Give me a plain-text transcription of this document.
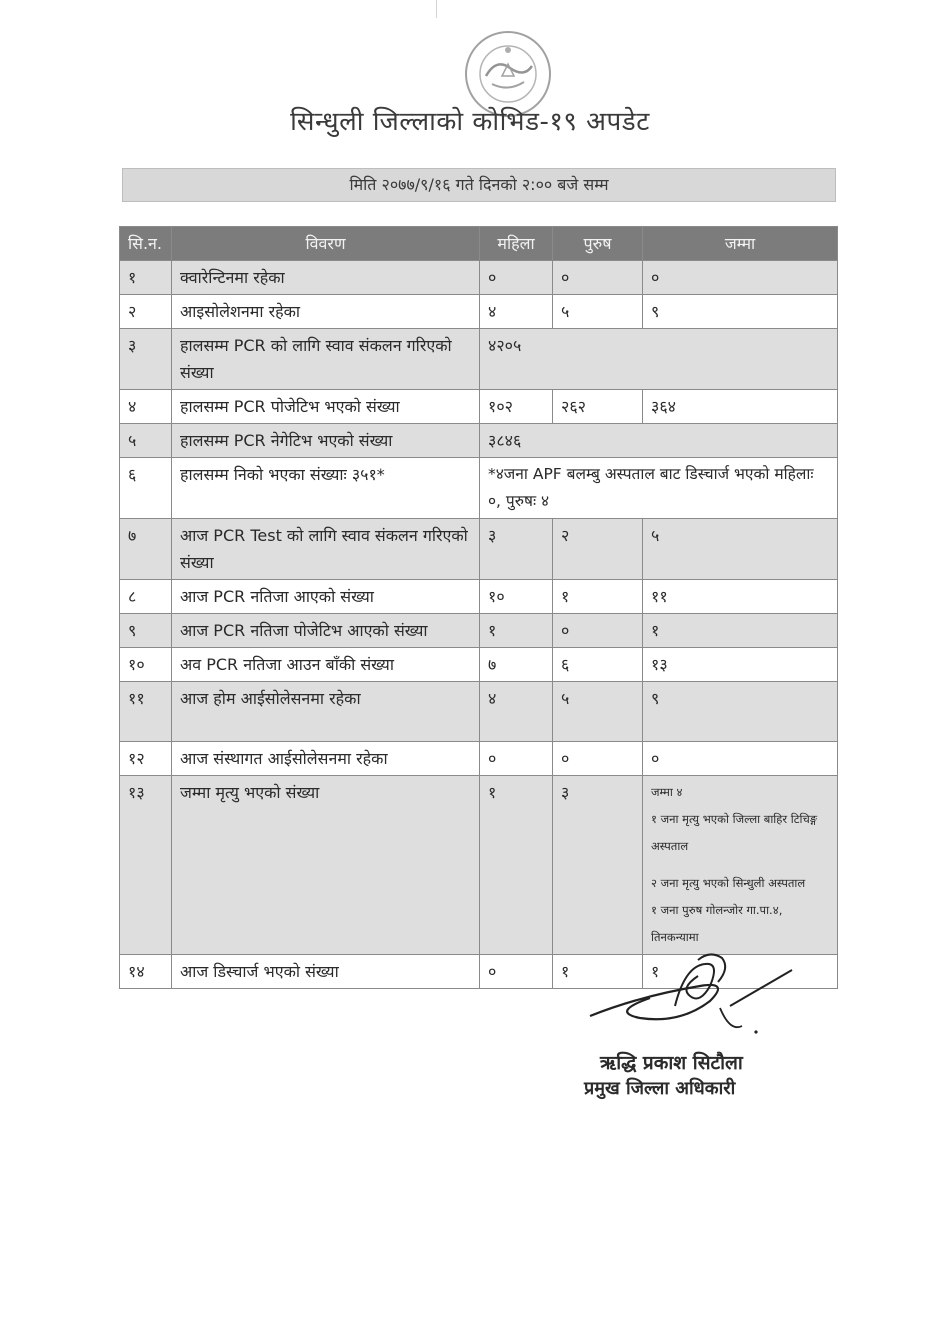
सिन्धुली जिल्लाको कोभिड-१९ अपडेट
मिति २०७७/९/१६ गते दिनको २:०० बजे सम्म
सि.न.	विवरण	महिला	पुरुष	जम्मा
१	क्वारेन्टिनमा रहेका	०	०	०
२	आइसोलेशनमा रहेका	४	५	९
३	हालसम्म PCR को लागि स्वाव संकलन गरिएको संख्या	४२०५		
४	हालसम्म PCR पोजेटिभ भएको संख्या	१०२	२६२	३६४
५	हालसम्म PCR नेगेटिभ भएको संख्या	३८४६		
६	हालसम्म निको भएका संख्याः ३५१*	*४जना APF बलम्बु अस्पताल बाट डिस्चार्ज भएको महिलाः ०, पुरुषः ४		
७	आज PCR Test को लागि स्वाव संकलन गरिएको संख्या	३	२	५
८	आज PCR नतिजा आएको संख्या	१०	१	११
९	आज PCR नतिजा पोजेटिभ आएको संख्या	१	०	१
१०	अव PCR नतिजा आउन बाँकी संख्या	७	६	१३
११	आज होम आईसोलेसनमा रहेका	४	५	९
१२	आज संस्थागत आईसोलेसनमा रहेका	०	०	०
१३	जम्मा मृत्यु भएको संख्या	१	३	जम्मा ४
१ जना मृत्यु भएको जिल्ला बाहिर टिचिङ्ग अस्पताल
२ जना मृत्यु भएको सिन्धुली अस्पताल
१ जना पुरुष गोलन्जोर गा.पा.४, तिनकन्यामा

१४	आज डिस्चार्ज भएको संख्या	०	१	१
ऋद्धि प्रकाश सिटौला
प्रमुख जिल्ला अधिकारी
